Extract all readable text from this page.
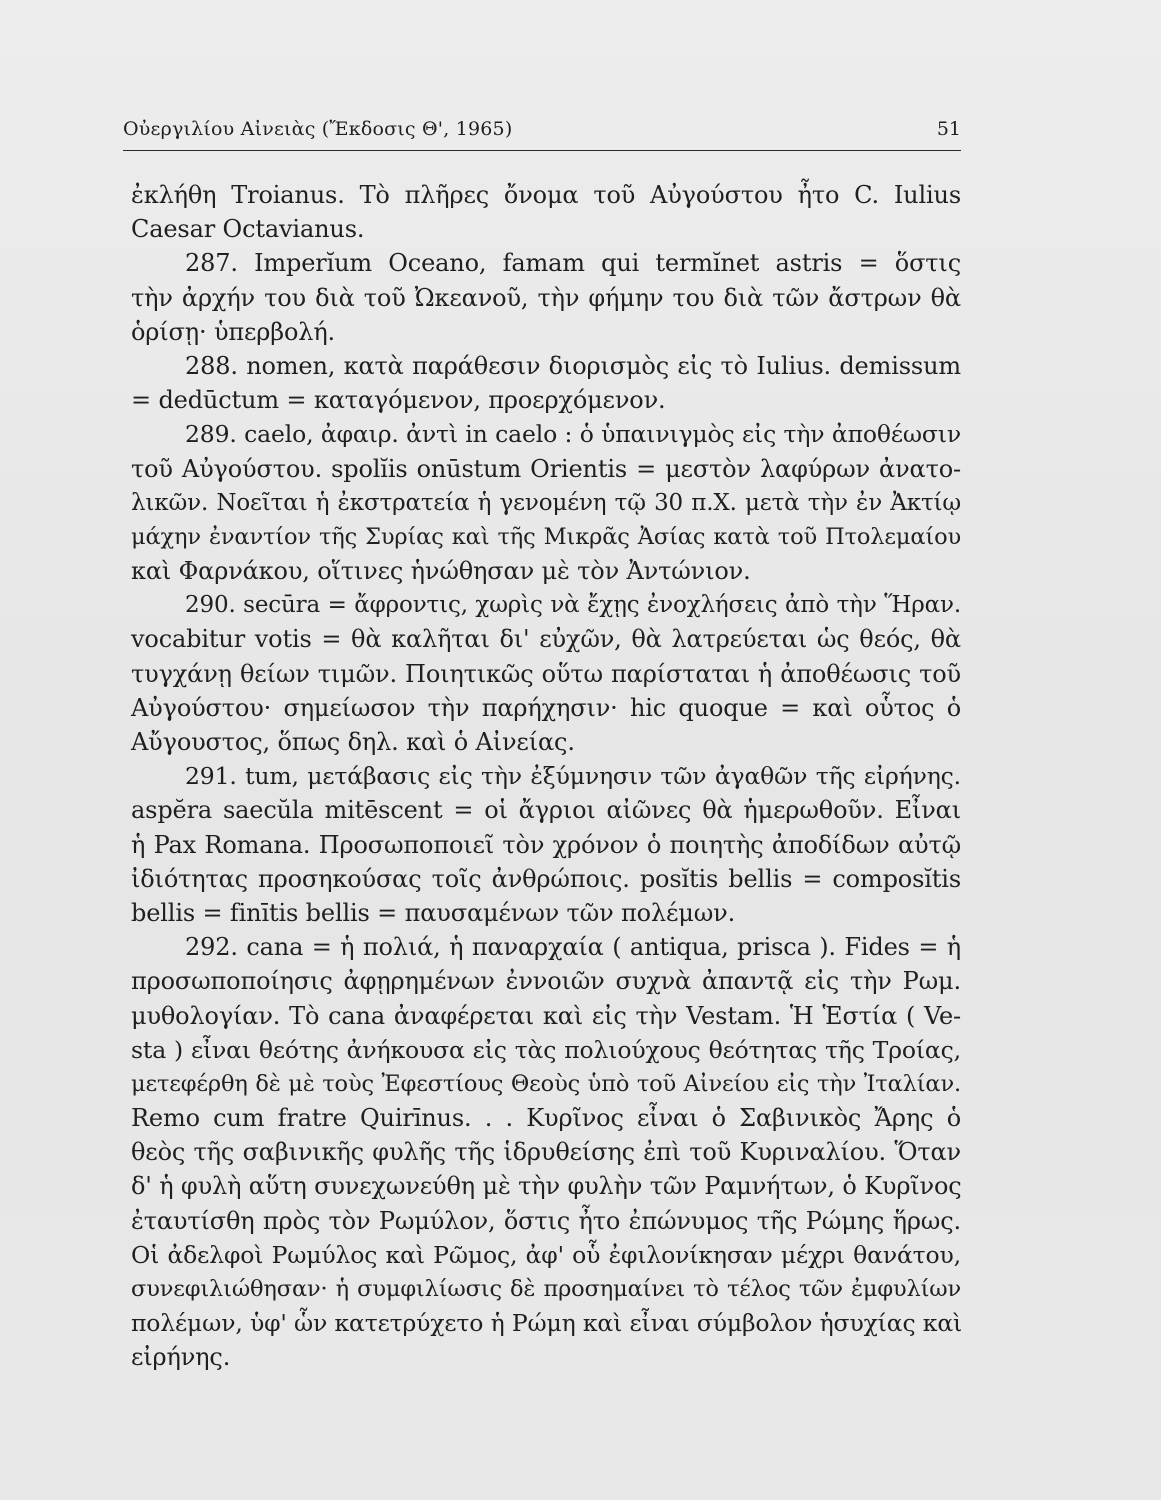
Οὐεργιλίου Αἰνειὰς (Ἔκδοσις Θ', 1965)	51
ἐκλήθη Troianus. Τὸ πλῆρες ὄνομα τοῦ Αὐγούστου ἦτο C. Iulius
Caesar Octavianus.
287. Imperĭum Oceano, famam qui termĭnet astris = ὅστις
τὴν ἀρχήν του διὰ τοῦ Ὠκεανοῦ, τὴν φήμην του διὰ τῶν ἄστρων θὰ
ὁρίσῃ· ὑπερβολή.
288. nomen, κατὰ παράθεσιν διορισμὸς εἰς τὸ Iulius. demissum
= dedūctum = καταγόμενον, προερχόμενον.
289. caelo, ἀφαιρ. ἀντὶ in caelo : ὁ ὑπαινιγμὸς εἰς τὴν ἀποθέωσιν
τοῦ Αὐγούστου. spolĭis onūstum Orientis = μεστὸν λαφύρων ἀνατο-
λικῶν. Νοεῖται ἡ ἐκστρατεία ἡ γενομένη τῷ 30 π.Χ. μετὰ τὴν ἐν Ἀκτίῳ
μάχην ἐναντίον τῆς Συρίας καὶ τῆς Μικρᾶς Ἀσίας κατὰ τοῦ Πτολεμαίου
καὶ Φαρνάκου, οἵτινες ἡνώθησαν μὲ τὸν Ἀντώνιον.
290. secūra = ἄφροντις, χωρὶς νὰ ἔχῃς ἐνοχλήσεις ἀπὸ τὴν Ἥραν.
vocabitur votis = θὰ καλῆται δι' εὐχῶν, θὰ λατρεύεται ὡς θεός, θὰ
τυγχάνῃ θείων τιμῶν. Ποιητικῶς οὕτω παρίσταται ἡ ἀποθέωσις τοῦ
Αὐγούστου· σημείωσον τὴν παρήχησιν· hic quoque = καὶ οὗτος ὁ
Αὔγουστος, ὅπως δηλ. καὶ ὁ Αἰνείας.
291. tum, μετάβασις εἰς τὴν ἐξύμνησιν τῶν ἀγαθῶν τῆς εἰρήνης.
aspĕra saecŭla mitēscent = οἱ ἄγριοι αἰῶνες θὰ ἡμερωθοῦν. Εἶναι
ἡ Pax Romana. Προσωποποιεῖ τὸν χρόνον ὁ ποιητὴς ἀποδίδων αὐτῷ
ἰδιότητας προσηκούσας τοῖς ἀνθρώποις. posĭtis bellis = composĭtis
bellis = finītis bellis = παυσαμένων τῶν πολέμων.
292. cana = ἡ πολιά, ἡ παναρχαία ( antiqua, prisca ). Fides = ἡ
προσωποποίησις ἀφῃρημένων ἐννοιῶν συχνὰ ἀπαντᾷ εἰς τὴν Ρωμ.
μυθολογίαν. Τὸ cana ἀναφέρεται καὶ εἰς τὴν Vestam. Ἡ Ἑστία ( Ve-
sta ) εἶναι θεότης ἀνήκουσα εἰς τὰς πολιούχους θεότητας τῆς Τροίας,
μετεφέρθη δὲ μὲ τοὺς Ἐφεστίους Θεοὺς ὑπὸ τοῦ Αἰνείου εἰς τὴν Ἰταλίαν.
Remo cum fratre Quirīnus. . . Κυρῖνος εἶναι ὁ Σαβινικὸς Ἄρης ὁ
θεὸς τῆς σαβινικῆς φυλῆς τῆς ἱδρυθείσης ἐπὶ τοῦ Κυριναλίου. Ὅταν
δ' ἡ φυλὴ αὕτη συνεχωνεύθη μὲ τὴν φυλὴν τῶν Ραμνήτων, ὁ Κυρῖνος
ἐταυτίσθη πρὸς τὸν Ρωμύλον, ὅστις ἦτο ἐπώνυμος τῆς Ρώμης ἥρως.
Οἱ ἀδελφοὶ Ρωμύλος καὶ Ρῶμος, ἀφ' οὗ ἐφιλονίκησαν μέχρι θανάτου,
συνεφιλιώθησαν· ἡ συμφιλίωσις δὲ προσημαίνει τὸ τέλος τῶν ἐμφυλίων
πολέμων, ὑφ' ὧν κατετρύχετο ἡ Ρώμη καὶ εἶναι σύμβολον ἡσυχίας καὶ
εἰρήνης.
